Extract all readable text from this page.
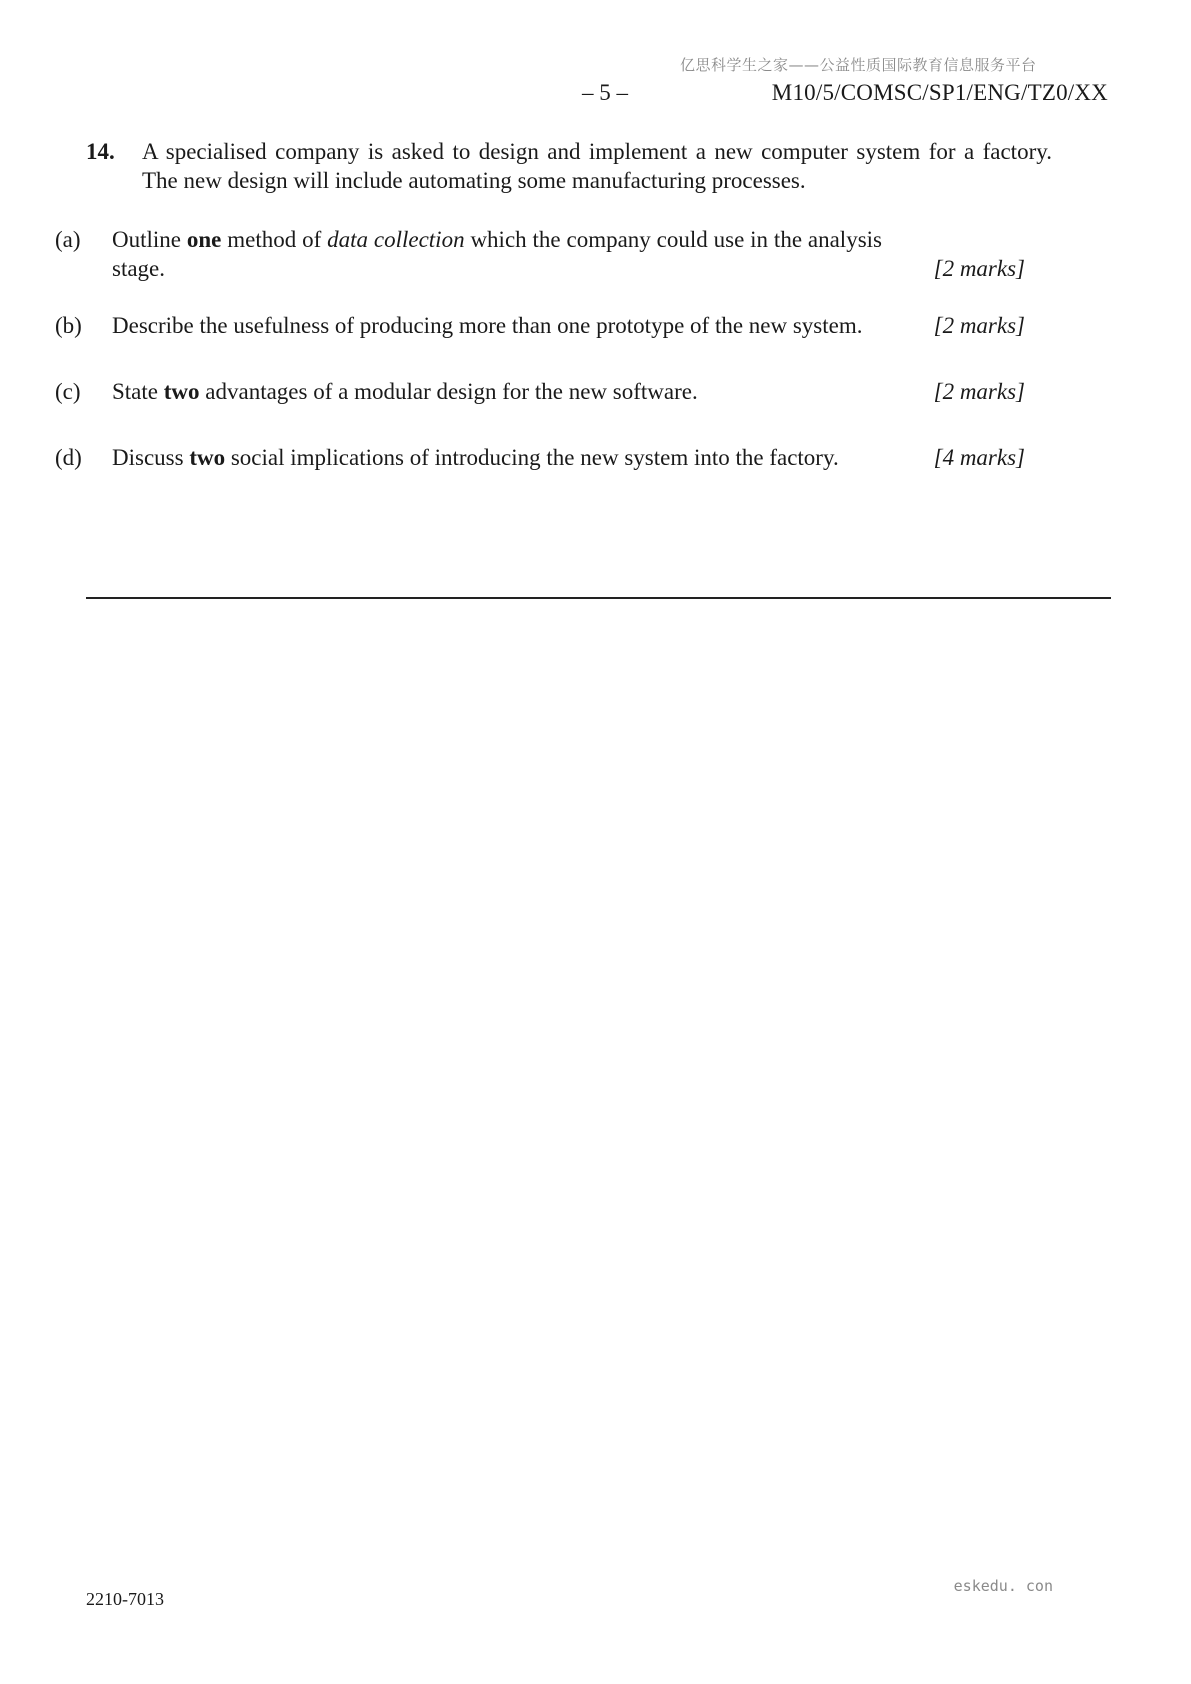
亿思科学生之家——公益性质国际教育信息服务平台
– 5 –	M10/5/COMSC/SP1/ENG/TZ0/XX
14. A specialised company is asked to design and implement a new computer system for a factory. The new design will include automating some manufacturing processes.
(a) Outline one method of data collection which the company could use in the analysis stage.	[2 marks]
(b) Describe the usefulness of producing more than one prototype of the new system.	[2 marks]
(c) State two advantages of a modular design for the new software.	[2 marks]
(d) Discuss two social implications of introducing the new system into the factory.	[4 marks]
2210-7013
eskedu. con
